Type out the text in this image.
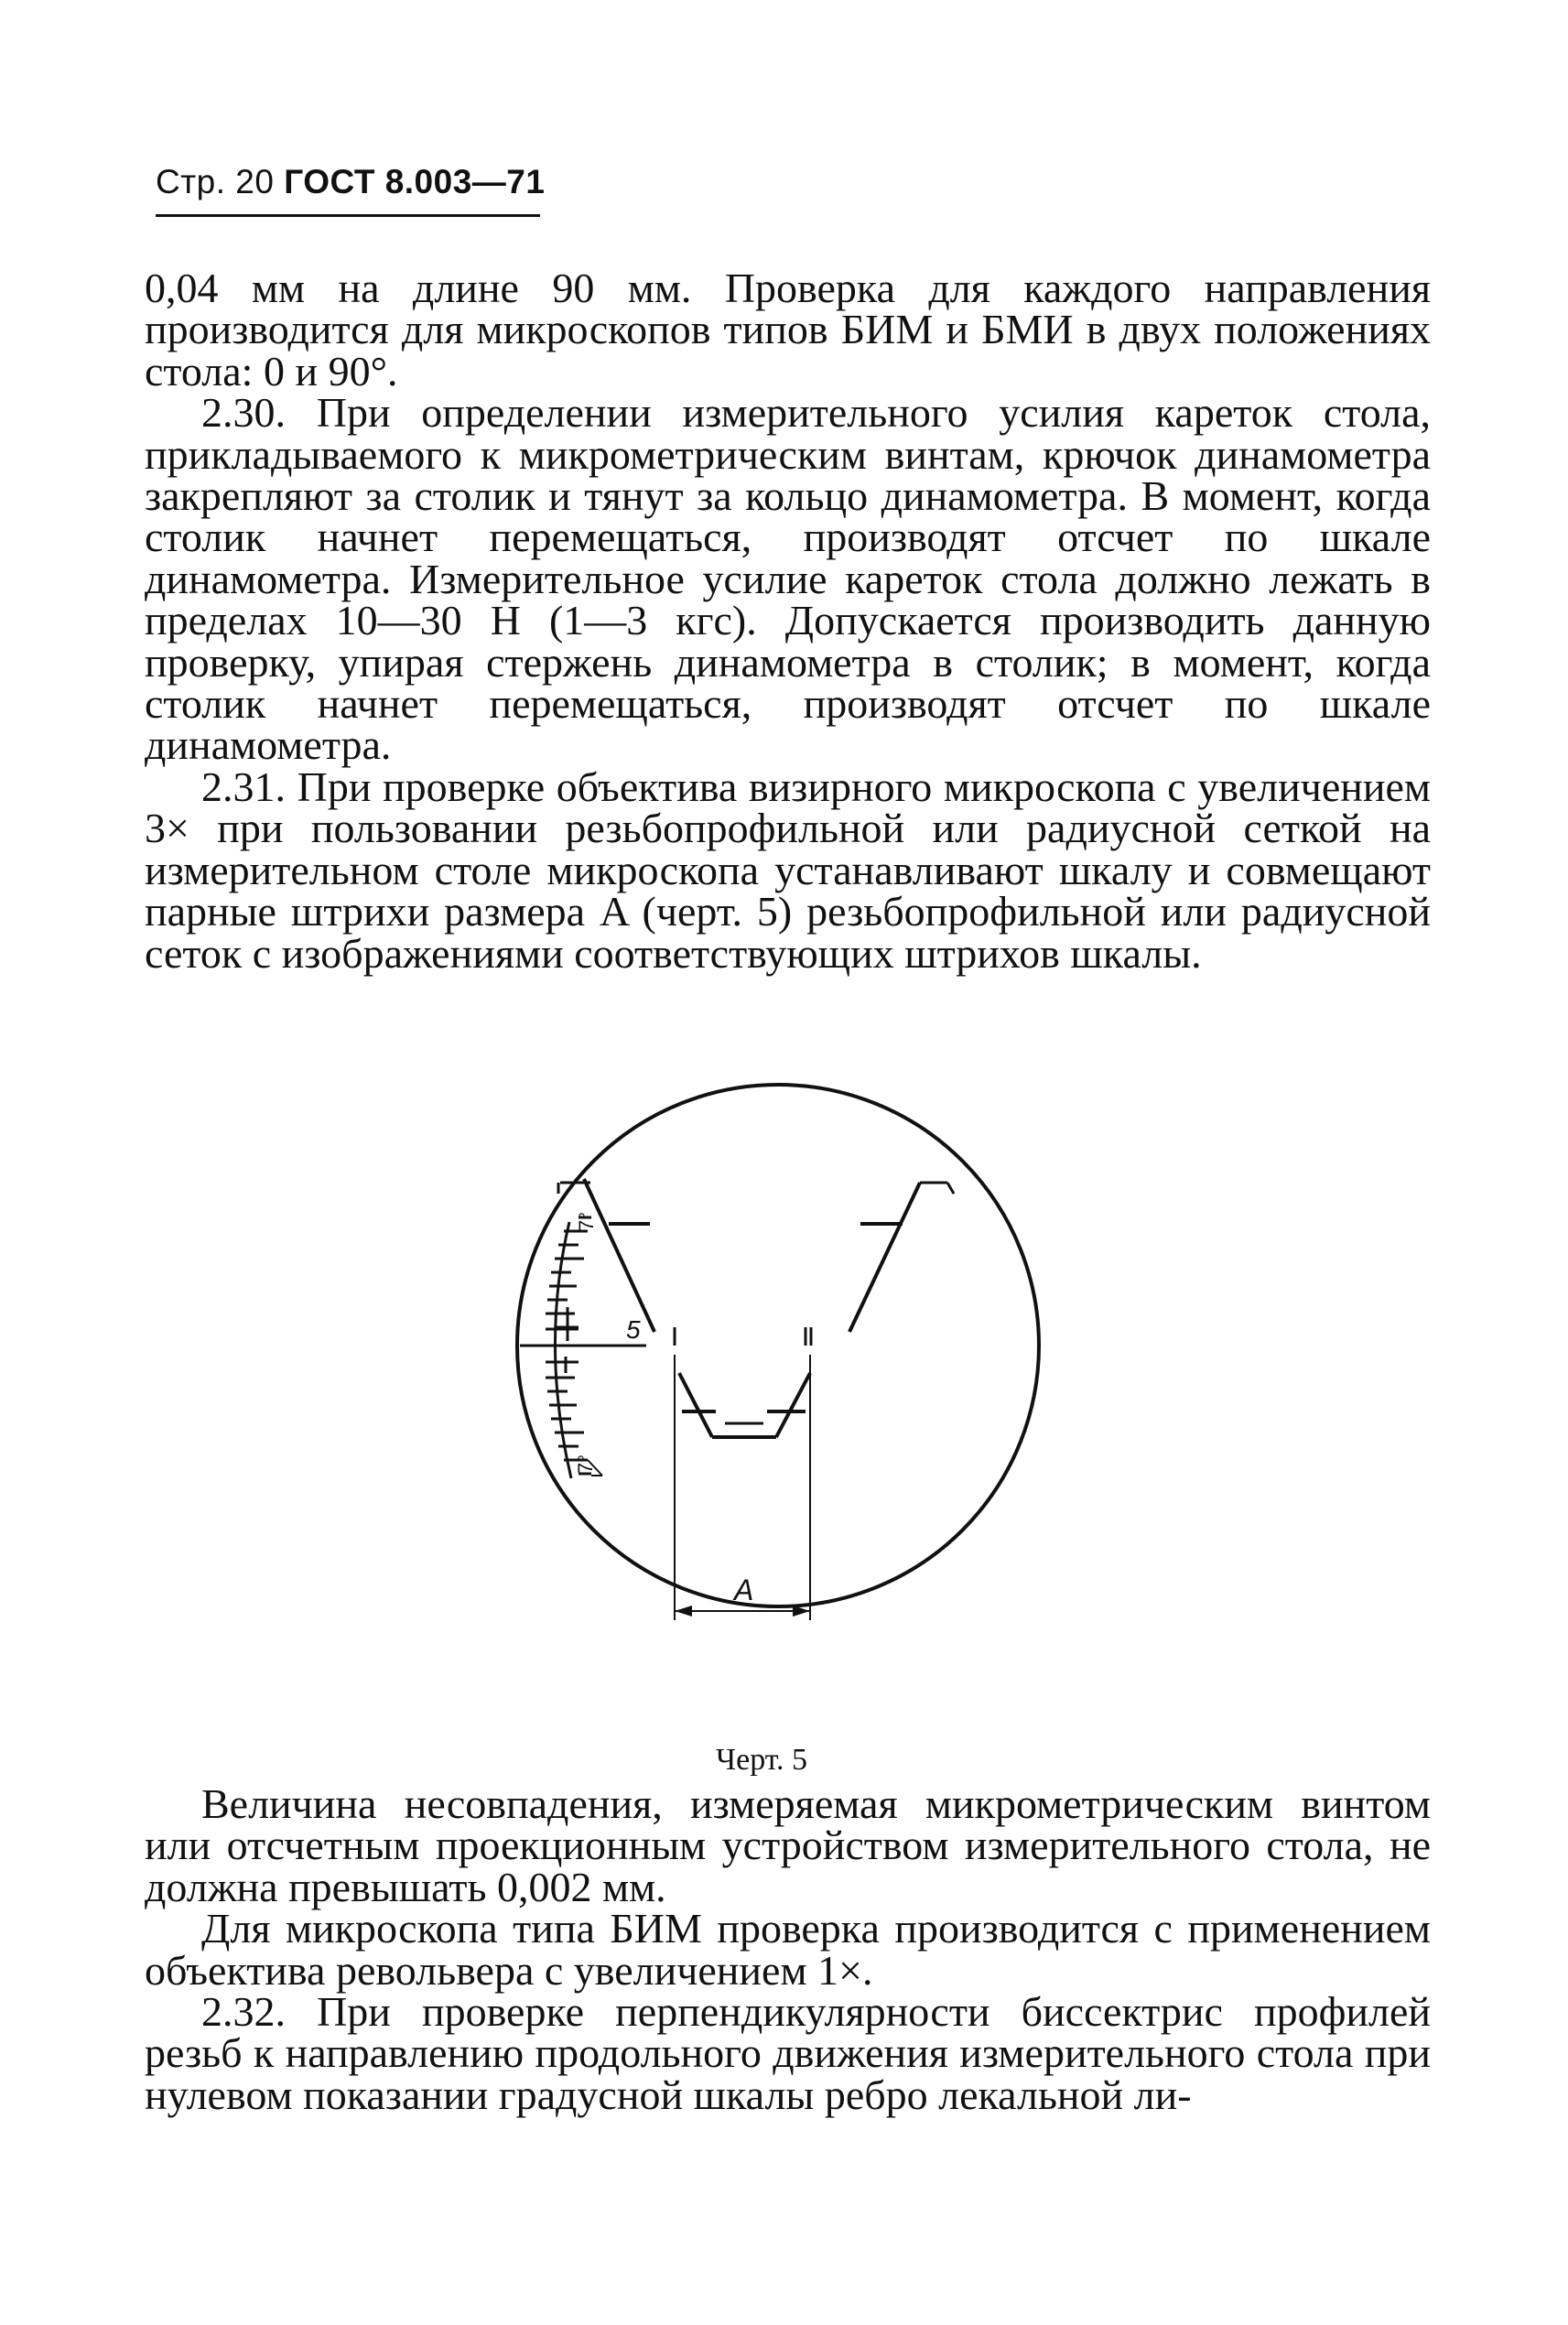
Стр. 20 ГОСТ 8.003—71

0,04 мм на длине 90 мм. Проверка для каждого направления производится для микроскопов типов БИМ и БМИ в двух положениях стола: 0 и 90°.

2.30. При определении измерительного усилия кареток стола, прикладываемого к микрометрическим винтам, крючок динамометра закрепляют за столик и тянут за кольцо динамометра. В момент, когда столик начнет перемещаться, производят отсчет по шкале динамометра. Измерительное усилие кареток стола должно лежать в пределах 10—30 Н (1—3 кгс). Допускается производить данную проверку, упирая стержень динамометра в столик; в момент, когда столик начнет перемещаться, производят отсчет по шкале динамометра.

2.31. При проверке объектива визирного микроскопа с увеличением 3× при пользовании резьбопрофильной или радиусной сеткой на измерительном столе микроскопа устанавливают шкалу и совмещают парные штрихи размера A (черт. 5) резьбопрофильной или радиусной сеток с изображениями соответствующих штрихов шкалы.

7°
7°
5
A
Черт. 5

Величина несовпадения, измеряемая микрометрическим винтом или отсчетным проекционным устройством измерительного стола, не должна превышать 0,002 мм.

Для микроскопа типа БИМ проверка производится с применением объектива револьвера с увеличением 1×.

2.32. При проверке перпендикулярности биссектрис профилей резьб к направлению продольного движения измерительного стола при нулевом показании градусной шкалы ребро лекальной ли-
